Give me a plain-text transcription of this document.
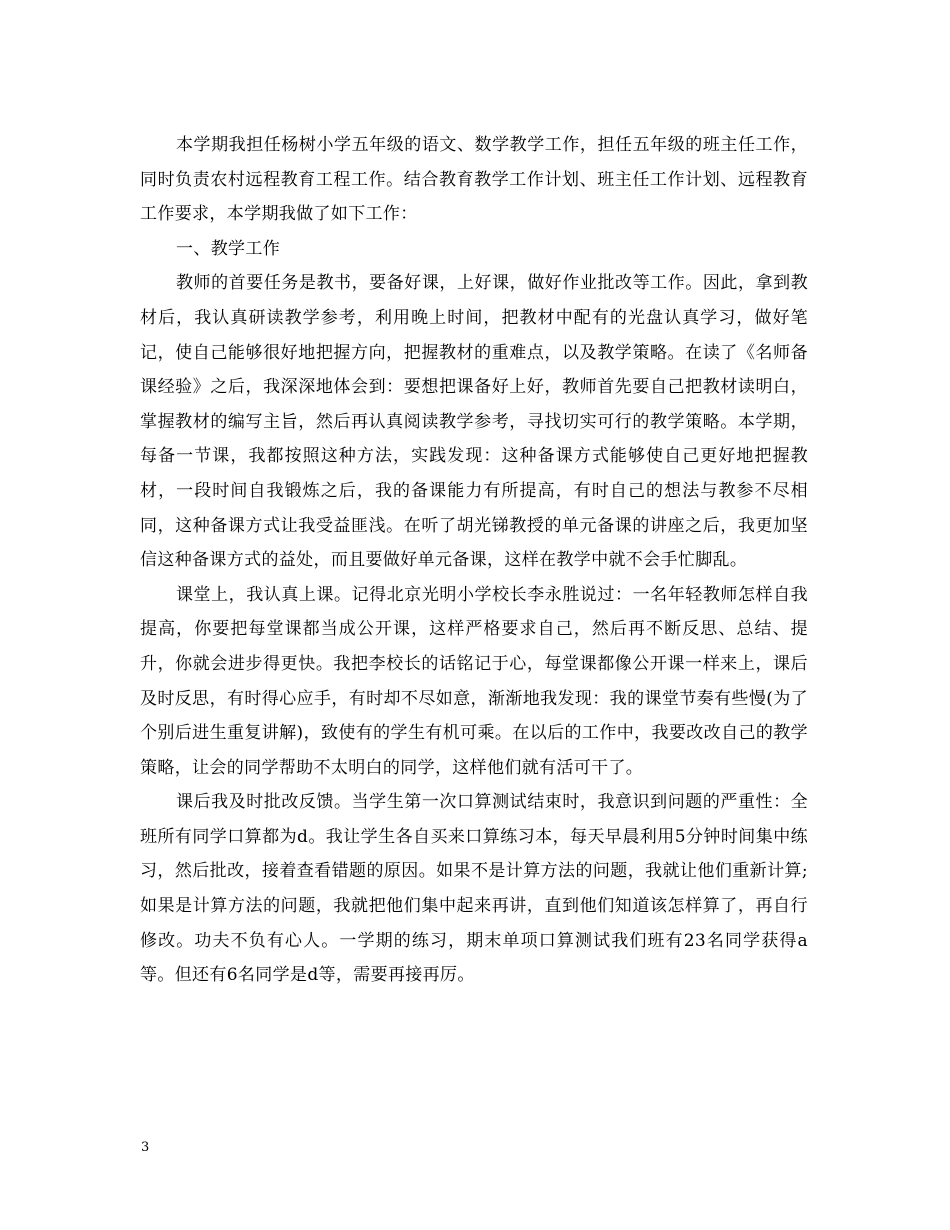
本学期我担任杨树小学五年级的语文、数学教学工作，担任五年级的班主任工作，同时负责农村远程教育工程工作。结合教育教学工作计划、班主任工作计划、远程教育工作要求，本学期我做了如下工作：

一、教学工作

教师的首要任务是教书，要备好课，上好课，做好作业批改等工作。因此，拿到教材后，我认真研读教学参考，利用晚上时间，把教材中配有的光盘认真学习，做好笔记，使自己能够很好地把握方向，把握教材的重难点，以及教学策略。在读了《名师备课经验》之后，我深深地体会到：要想把课备好上好，教师首先要自己把教材读明白，掌握教材的编写主旨，然后再认真阅读教学参考，寻找切实可行的教学策略。本学期，每备一节课，我都按照这种方法，实践发现：这种备课方式能够使自己更好地把握教材，一段时间自我锻炼之后，我的备课能力有所提高，有时自己的想法与教参不尽相同，这种备课方式让我受益匪浅。在听了胡光锑教授的单元备课的讲座之后，我更加坚信这种备课方式的益处，而且要做好单元备课，这样在教学中就不会手忙脚乱。

课堂上，我认真上课。记得北京光明小学校长李永胜说过：一名年轻教师怎样自我提高，你要把每堂课都当成公开课，这样严格要求自己，然后再不断反思、总结、提升，你就会进步得更快。我把李校长的话铭记于心，每堂课都像公开课一样来上，课后及时反思，有时得心应手，有时却不尽如意，渐渐地我发现：我的课堂节奏有些慢(为了个别后进生重复讲解)，致使有的学生有机可乘。在以后的工作中，我要改改自己的教学策略，让会的同学帮助不太明白的同学，这样他们就有活可干了。

课后我及时批改反馈。当学生第一次口算测试结束时，我意识到问题的严重性：全班所有同学口算都为d。我让学生各自买来口算练习本，每天早晨利用5分钟时间集中练习，然后批改，接着查看错题的原因。如果不是计算方法的问题，我就让他们重新计算;如果是计算方法的问题，我就把他们集中起来再讲，直到他们知道该怎样算了，再自行修改。功夫不负有心人。一学期的练习，期末单项口算测试我们班有23名同学获得a等。但还有6名同学是d等，需要再接再厉。

3
